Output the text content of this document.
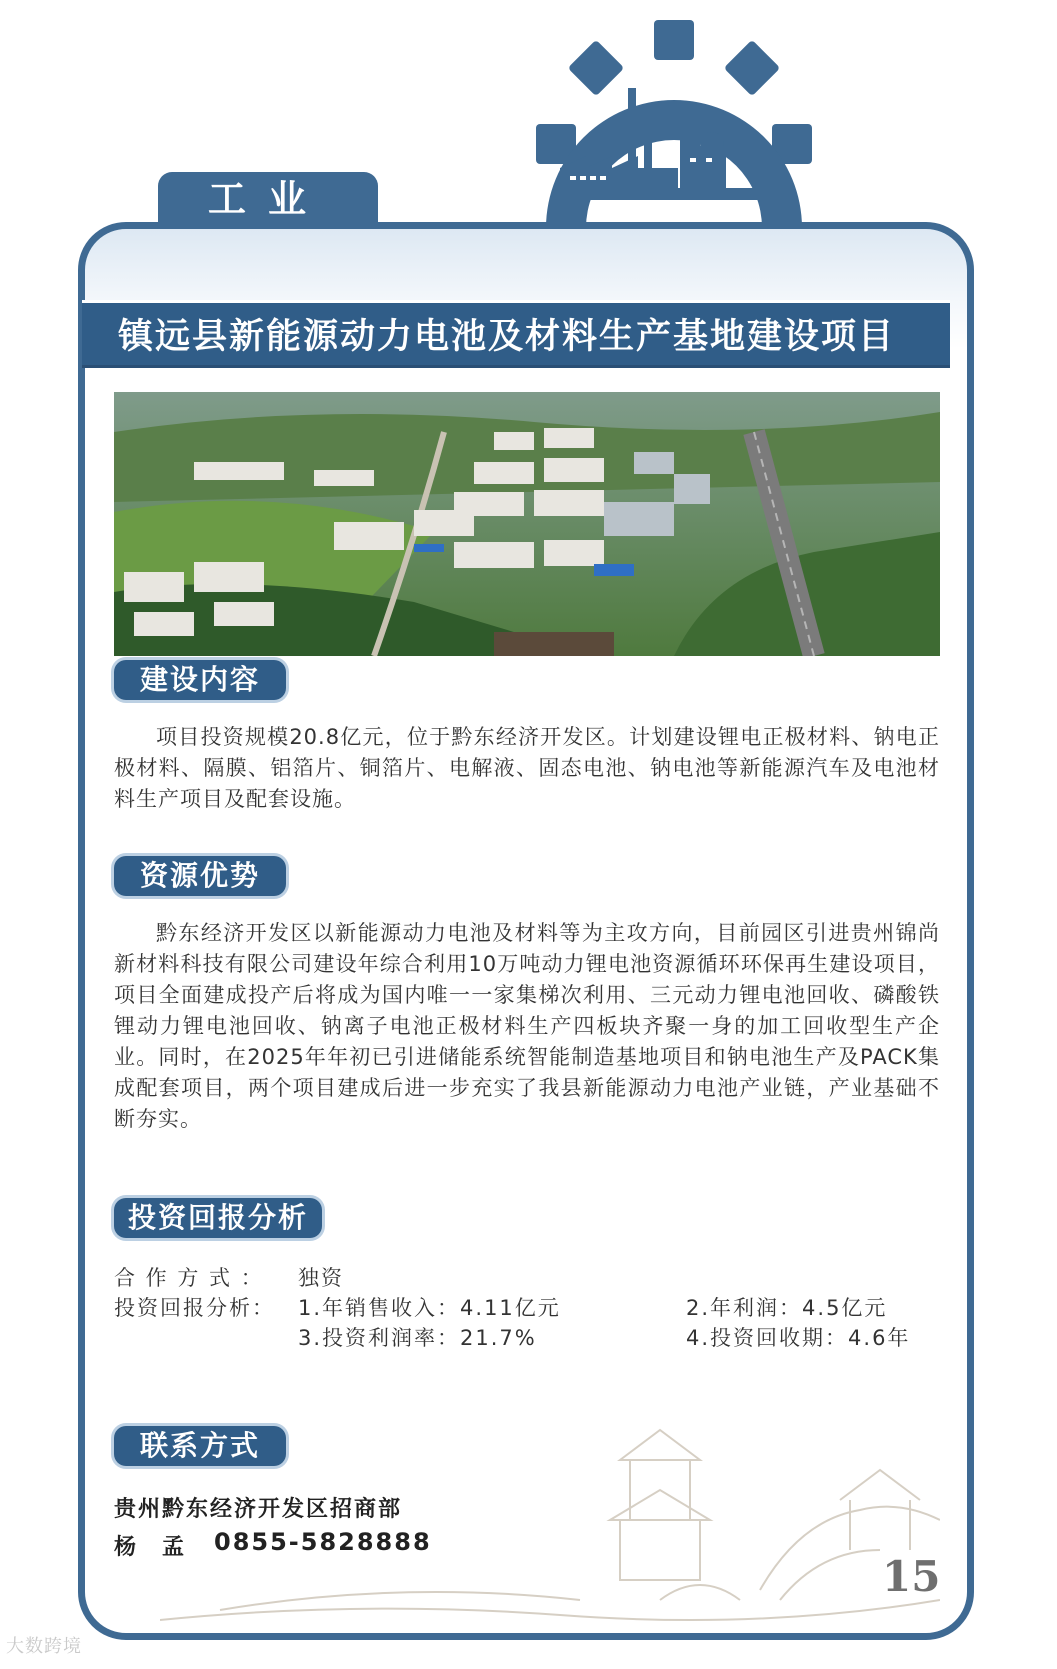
工业
镇远县新能源动力电池及材料生产基地建设项目
建设内容
项目投资规模20.8亿元，位于黔东经济开发区。计划建设锂电正极材料、钠电正极材料、隔膜、铝箔片、铜箔片、电解液、固态电池、钠电池等新能源汽车及电池材料生产项目及配套设施。
资源优势
黔东经济开发区以新能源动力电池及材料等为主攻方向，目前园区引进贵州锦尚新材料科技有限公司建设年综合利用10万吨动力锂电池资源循环环保再生建设项目，项目全面建成投产后将成为国内唯一一家集梯次利用、三元动力锂电池回收、磷酸铁锂动力锂电池回收、钠离子电池正极材料生产四板块齐聚一身的加工回收型生产企业。同时，在2025年年初已引进储能系统智能制造基地项目和钠电池生产及PACK集成配套项目，两个项目建成后进一步充实了我县新能源动力电池产业链，产业基础不断夯实。
投资回报分析
合 作 方 式 ： 独资
投资回报分析： 1.年销售收入：4.11亿元	2.年利润：4.5亿元
3.投资利润率：21.7%	4.投资回收期：4.6年
联系方式
贵州黔东经济开发区招商部
杨　孟 0855-5828888
15
大数跨境
